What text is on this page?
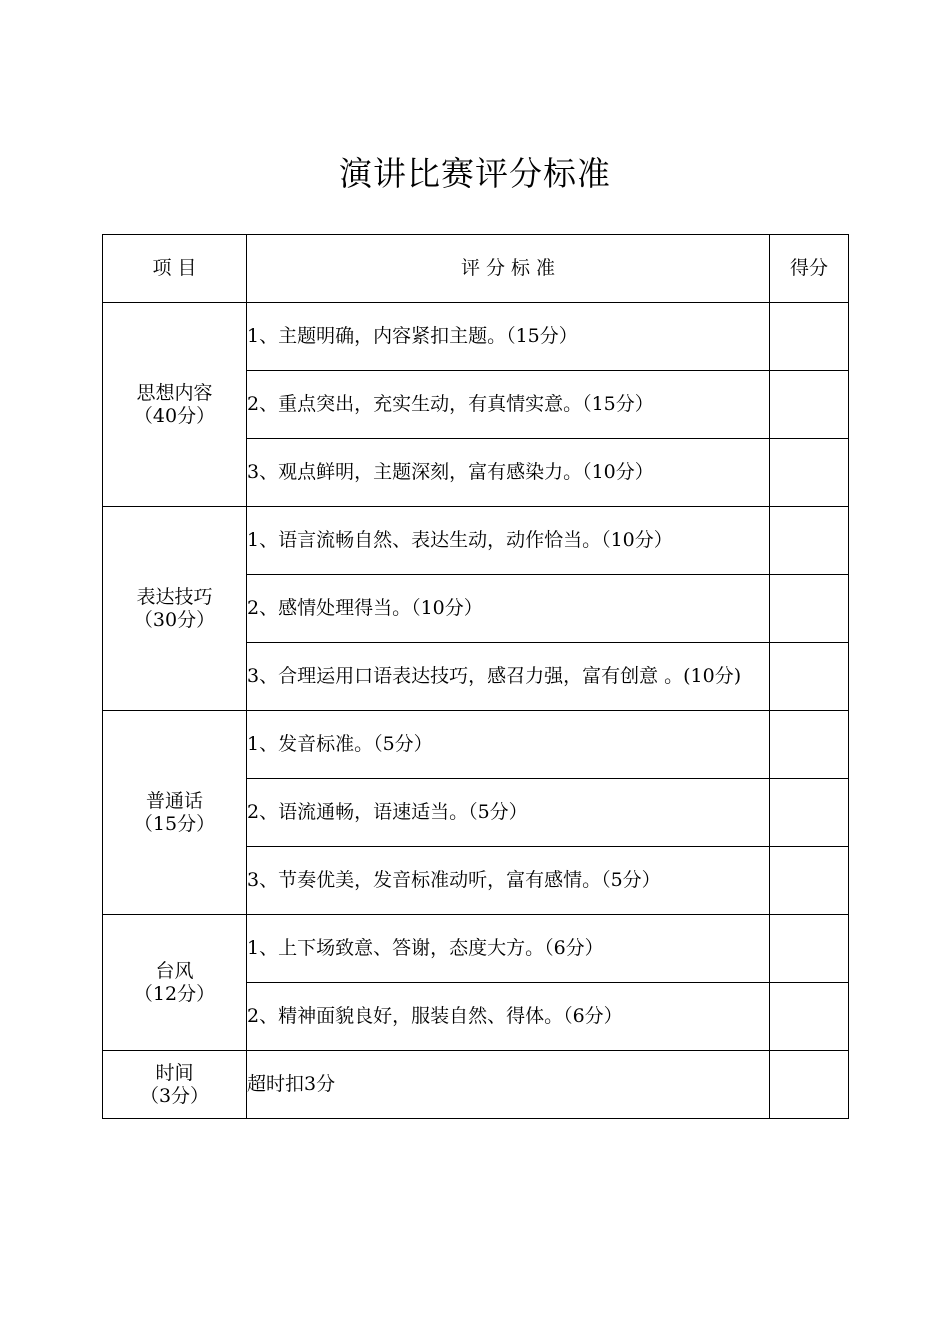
演讲比赛评分标准
项 目	评 分 标 准	得分

思想内容
（40分）	1、主题明确，内容紧扣主题。（15分）	
	2、重点突出，充实生动，有真情实意。（15分）	
	3、观点鲜明，主题深刻，富有感染力。（10分）	

表达技巧
（30分）	1、语言流畅自然、表达生动，动作恰当。（10分）	
	2、感情处理得当。（10分）	
	3、合理运用口语表达技巧，感召力强，富有创意 。(10分)	

普通话
（15分）	1、发音标准。（5分）	
	2、语流通畅，语速适当。（5分）	
	3、节奏优美，发音标准动听，富有感情。（5分）	

台风
（12分）	1、上下场致意、答谢，态度大方。（6分）	
	2、精神面貌良好，服装自然、得体。（6分）	

时间
（3分）	超时扣3分	
